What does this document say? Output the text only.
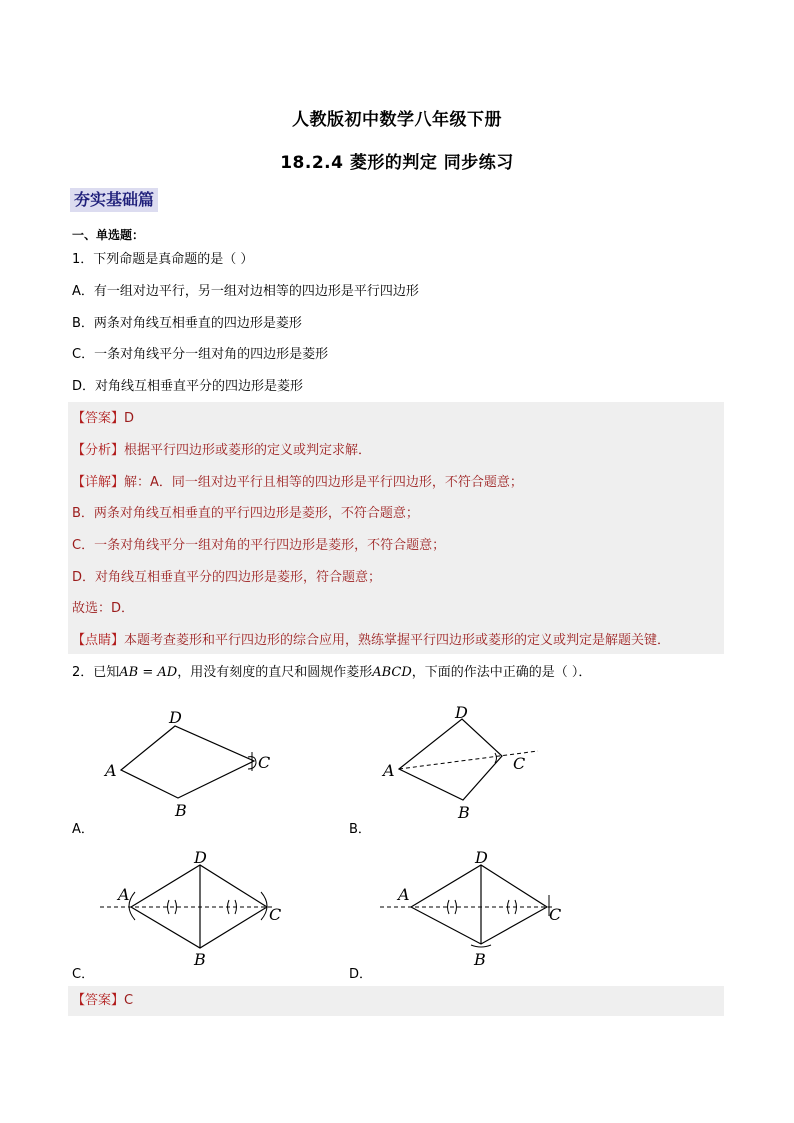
人教版初中数学八年级下册
18.2.4 菱形的判定 同步练习
夯实基础篇
一、单选题：
1．下列命题是真命题的是（ ）
A．有一组对边平行，另一组对边相等的四边形是平行四边形
B．两条对角线互相垂直的四边形是菱形
C．一条对角线平分一组对角的四边形是菱形
D．对角线互相垂直平分的四边形是菱形
【答案】D
【分析】根据平行四边形或菱形的定义或判定求解．
【详解】解：A．同一组对边平行且相等的四边形是平行四边形，不符合题意；
B．两条对角线互相垂直的平行四边形是菱形，不符合题意；
C．一条对角线平分一组对角的平行四边形是菱形，不符合题意；
D．对角线互相垂直平分的四边形是菱形，符合题意；
故选：D．
【点睛】本题考查菱形和平行四边形的综合应用，熟练掌握平行四边形或菱形的定义或判定是解题关键．
2．已知AB = AD，用没有刻度的直尺和圆规作菱形ABCD，下面的作法中正确的是（ ）．
A
D
C
B
A．
A
D
C
B
B．
A
D
C
B
C．
A
D
C
B
D．
【答案】C
